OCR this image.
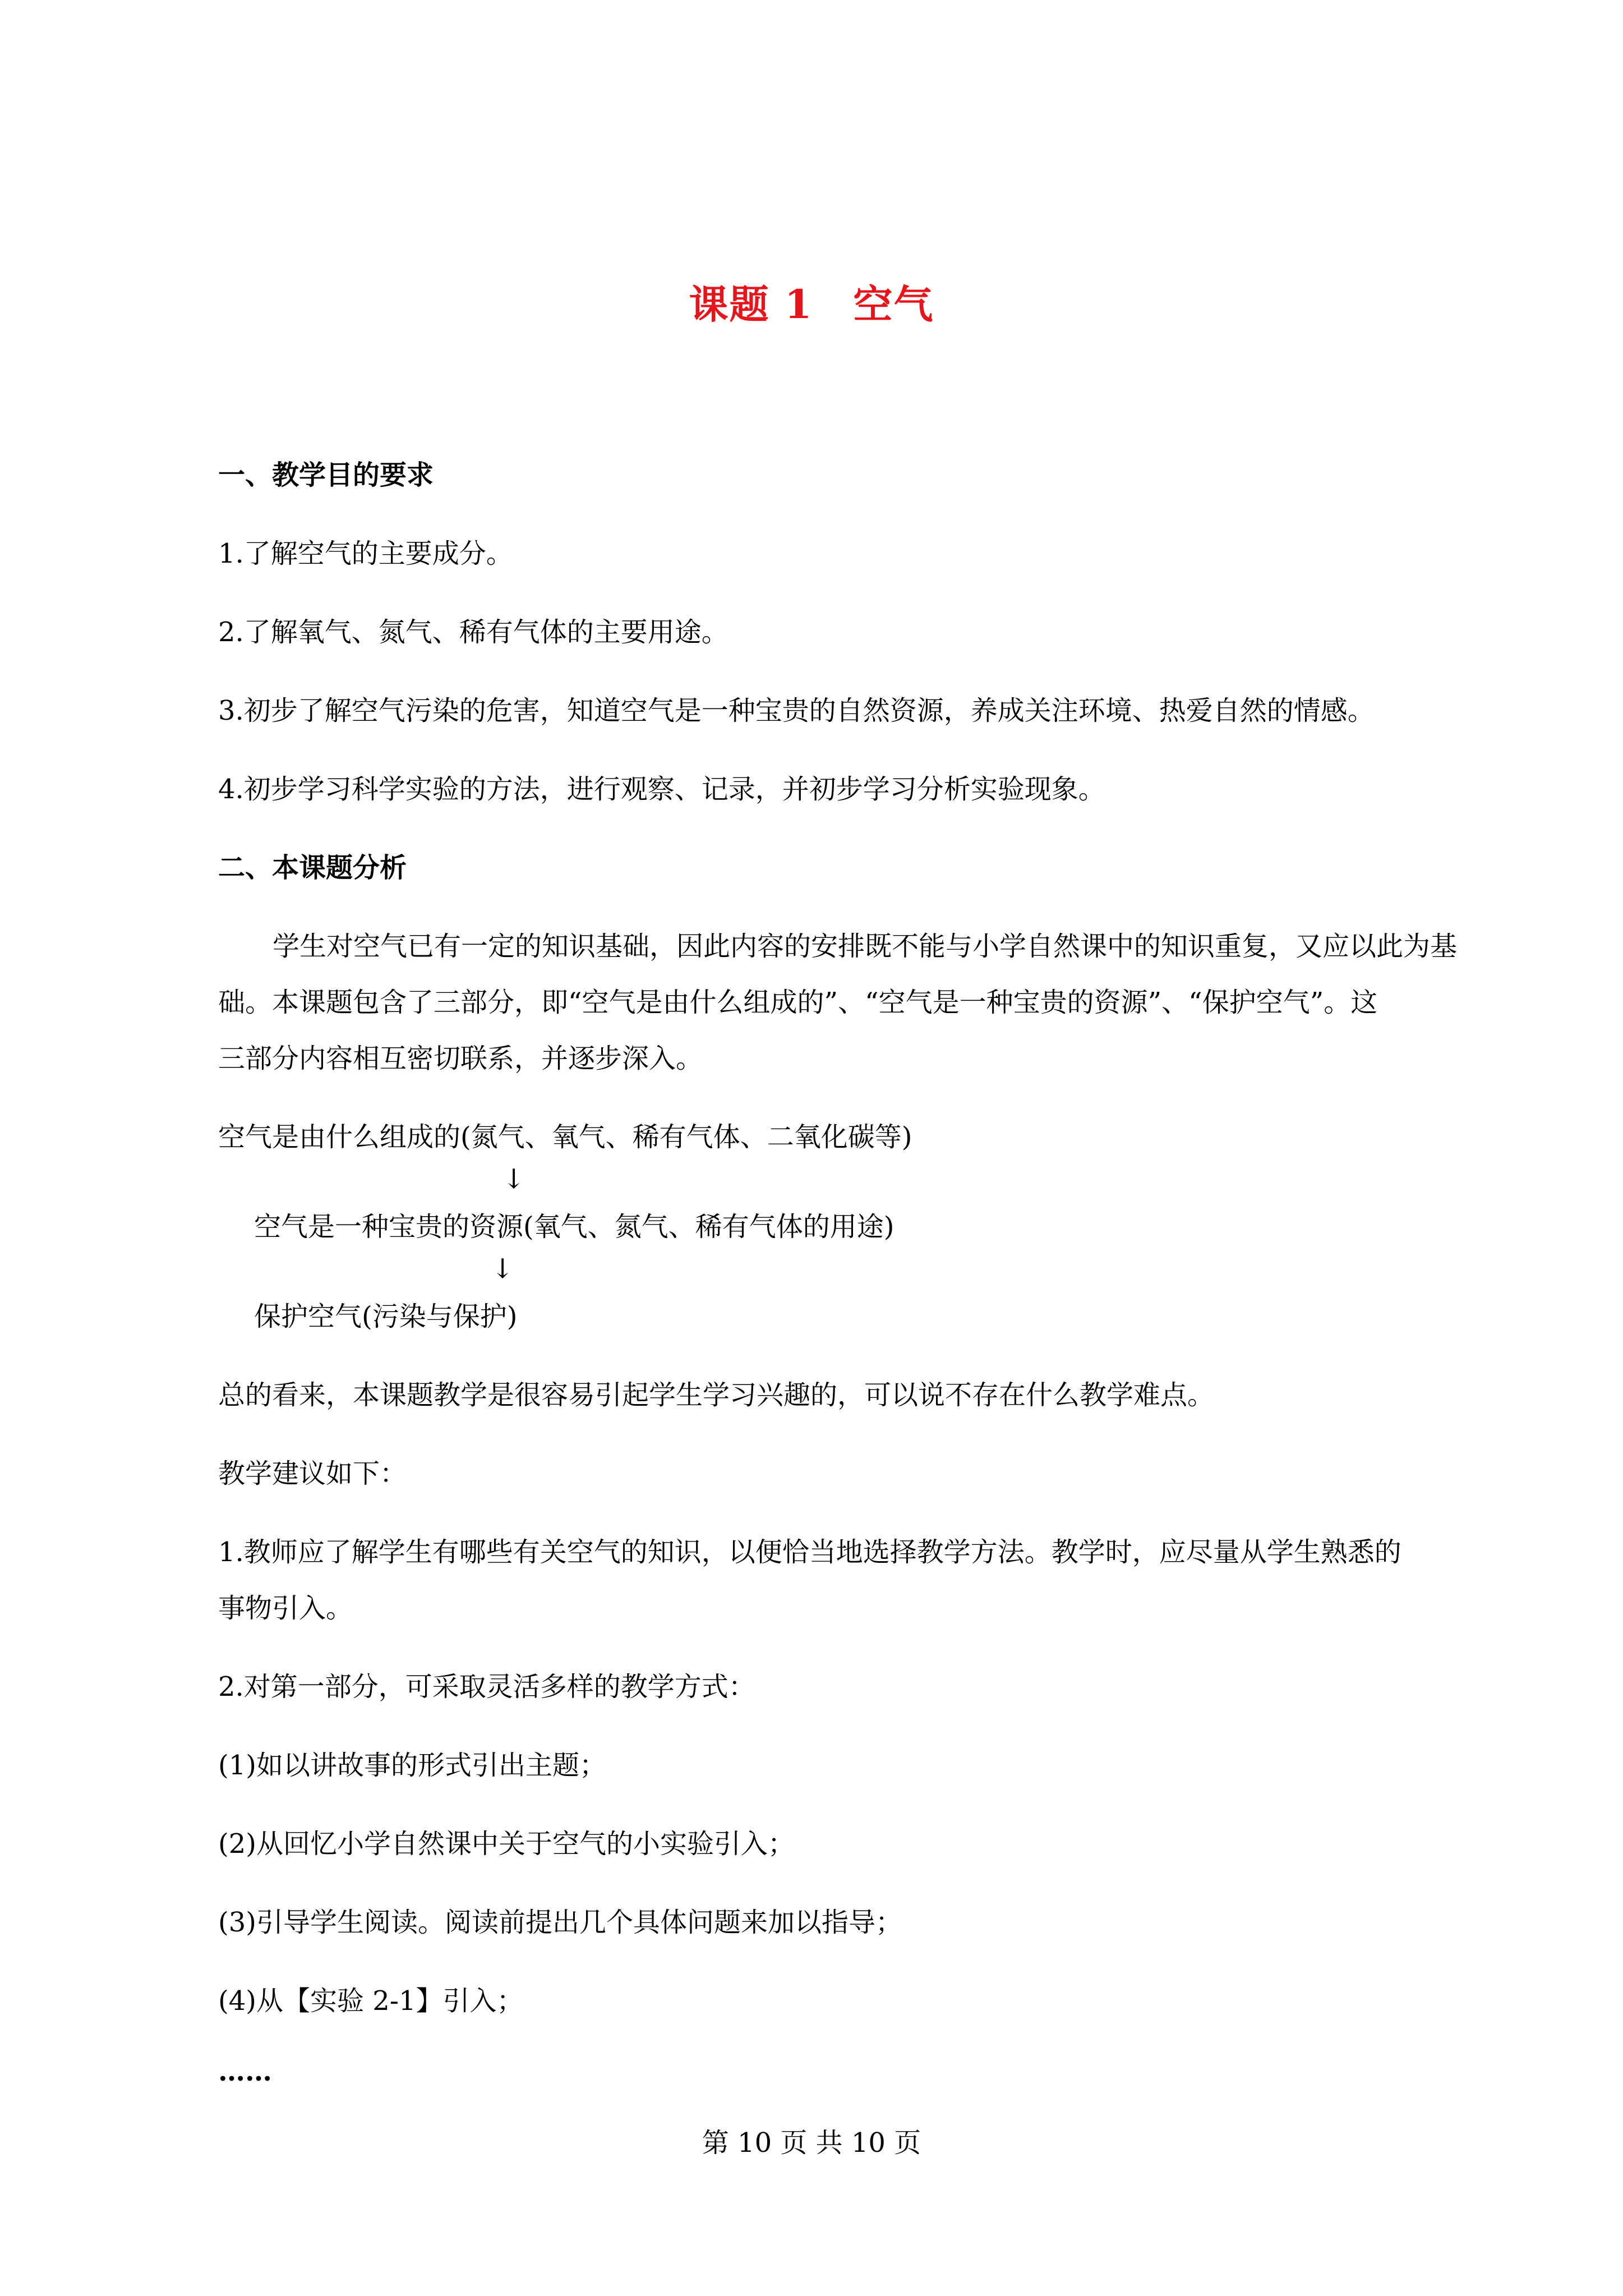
课题 1　空气
一、教学目的要求
1.了解空气的主要成分。
2.了解氧气、氮气、稀有气体的主要用途。
3.初步了解空气污染的危害，知道空气是一种宝贵的自然资源，养成关注环境、热爱自然的情感。
4.初步学习科学实验的方法，进行观察、记录，并初步学习分析实验现象。
二、本课题分析
学生对空气已有一定的知识基础，因此内容的安排既不能与小学自然课中的知识重复，又应以此为基
础。本课题包含了三部分，即“空气是由什么组成的”、“空气是一种宝贵的资源”、“保护空气”。这
三部分内容相互密切联系，并逐步深入。
空气是由什么组成的(氮气、氧气、稀有气体、二氧化碳等)
↓
空气是一种宝贵的资源(氧气、氮气、稀有气体的用途)
↓
保护空气(污染与保护)
总的看来，本课题教学是很容易引起学生学习兴趣的，可以说不存在什么教学难点。
教学建议如下：
1.教师应了解学生有哪些有关空气的知识，以便恰当地选择教学方法。教学时，应尽量从学生熟悉的
事物引入。
2.对第一部分，可采取灵活多样的教学方式：
(1)如以讲故事的形式引出主题；
(2)从回忆小学自然课中关于空气的小实验引入；
(3)引导学生阅读。阅读前提出几个具体问题来加以指导；
(4)从【实验 2-1】引入；
……
第 10 页 共 10 页
